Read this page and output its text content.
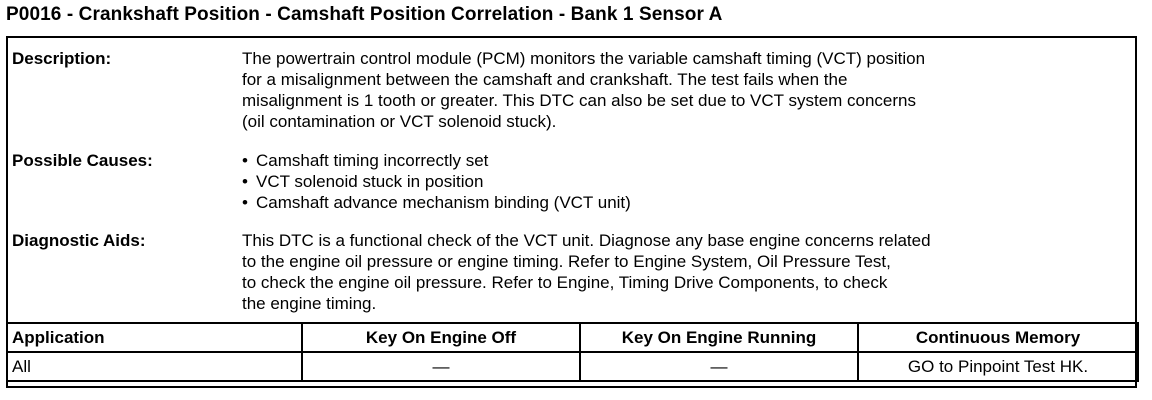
P0016 - Crankshaft Position - Camshaft Position Correlation - Bank 1 Sensor A
Description:	The powertrain control module (PCM) monitors the variable camshaft timing (VCT) position
for a misalignment between the camshaft and crankshaft. The test fails when the
misalignment is 1 tooth or greater. This DTC can also be set due to VCT system concerns
(oil contamination or VCT solenoid stuck).
Possible Causes:	• Camshaft timing incorrectly set
• VCT solenoid stuck in position
• Camshaft advance mechanism binding (VCT unit)
Diagnostic Aids:	This DTC is a functional check of the VCT unit. Diagnose any base engine concerns related
to the engine oil pressure or engine timing. Refer to Engine System, Oil Pressure Test,
to check the engine oil pressure. Refer to Engine, Timing Drive Components, to check
the engine timing.
Application	Key On Engine Off	Key On Engine Running	Continuous Memory
All	—	—	GO to Pinpoint Test HK.
